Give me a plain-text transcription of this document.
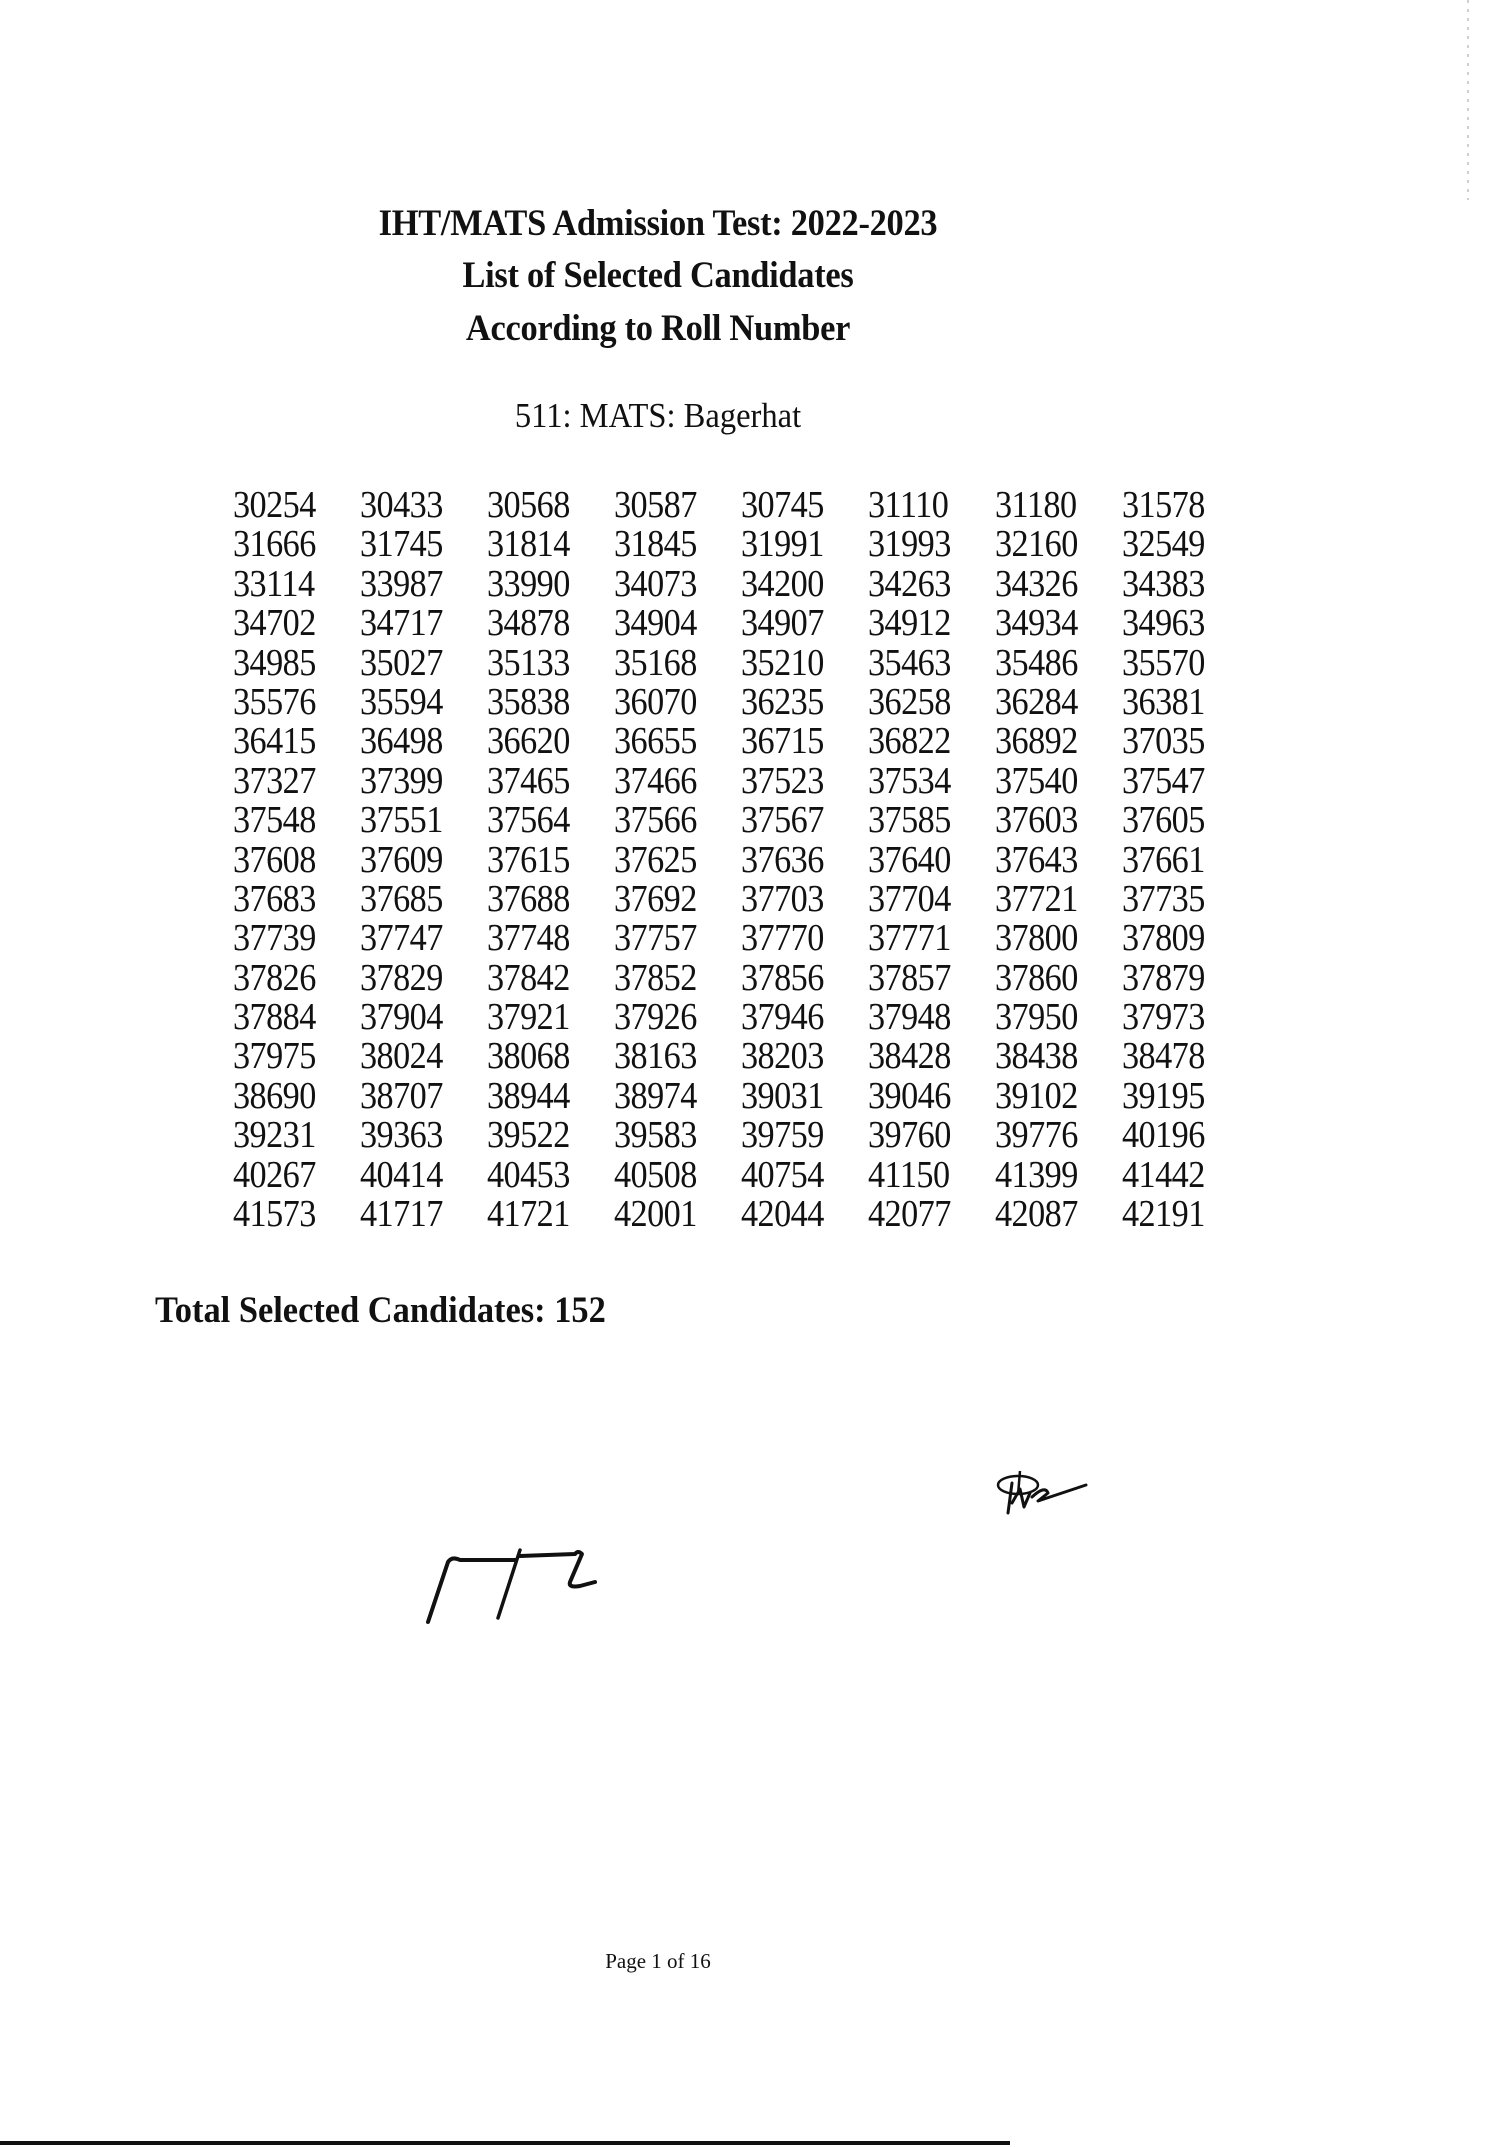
IHT/MATS Admission Test: 2022-2023
List of Selected Candidates
According to Roll Number
511: MATS: Bagerhat
30254	30433	30568	30587	30745	31110	31180	31578
31666	31745	31814	31845	31991	31993	32160	32549
33114	33987	33990	34073	34200	34263	34326	34383
34702	34717	34878	34904	34907	34912	34934	34963
34985	35027	35133	35168	35210	35463	35486	35570
35576	35594	35838	36070	36235	36258	36284	36381
36415	36498	36620	36655	36715	36822	36892	37035
37327	37399	37465	37466	37523	37534	37540	37547
37548	37551	37564	37566	37567	37585	37603	37605
37608	37609	37615	37625	37636	37640	37643	37661
37683	37685	37688	37692	37703	37704	37721	37735
37739	37747	37748	37757	37770	37771	37800	37809
37826	37829	37842	37852	37856	37857	37860	37879
37884	37904	37921	37926	37946	37948	37950	37973
37975	38024	38068	38163	38203	38428	38438	38478
38690	38707	38944	38974	39031	39046	39102	39195
39231	39363	39522	39583	39759	39760	39776	40196
40267	40414	40453	40508	40754	41150	41399	41442
41573	41717	41721	42001	42044	42077	42087	42191
Total Selected Candidates: 152
Page 1 of 16
